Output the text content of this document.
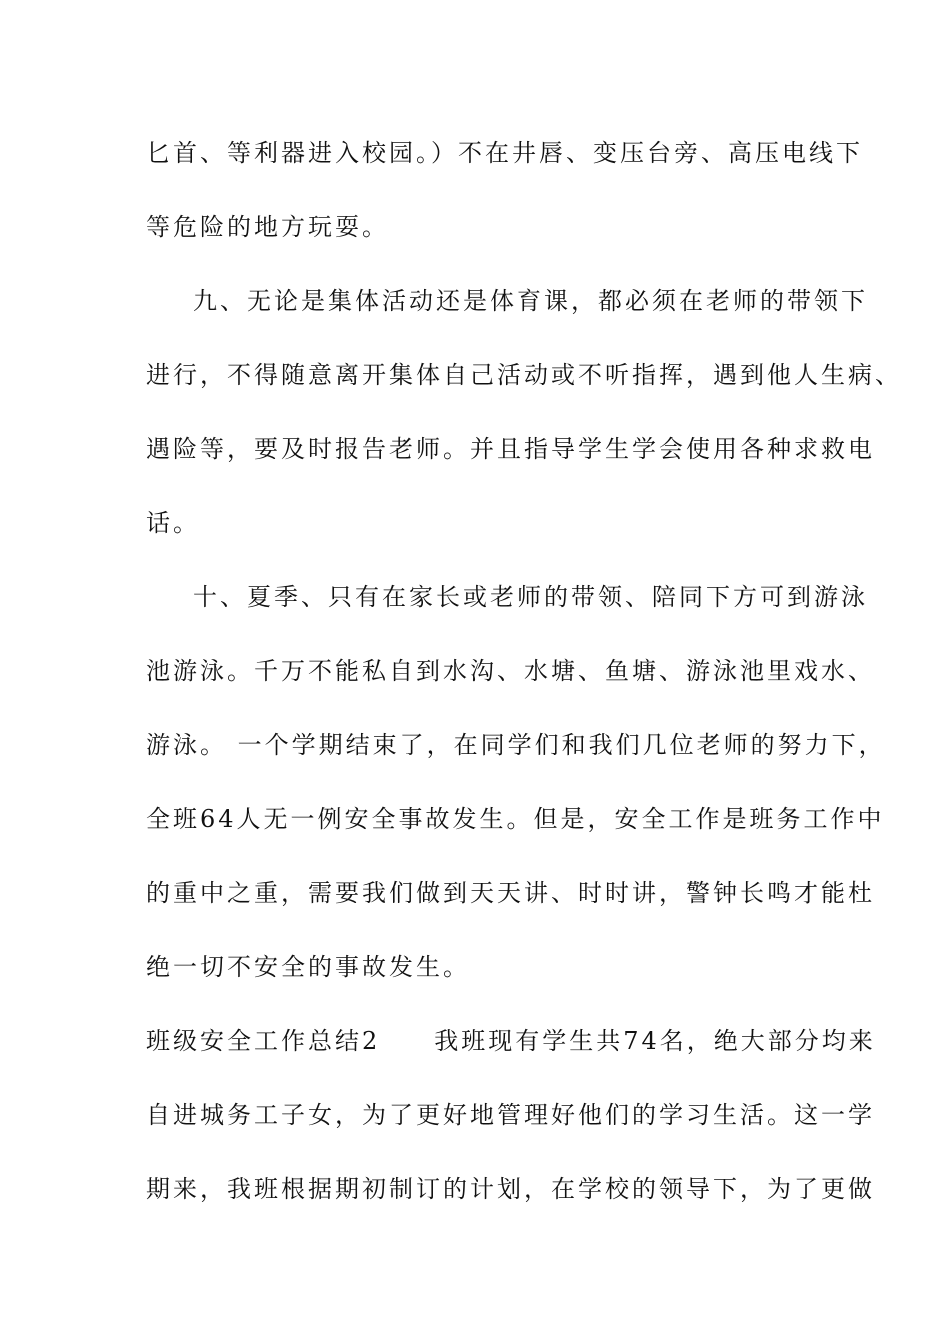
匕首、等利器进入校园。）不在井唇、变压台旁、高压电线下
等危险的地方玩耍。
九、无论是集体活动还是体育课，都必须在老师的带领下
进行，不得随意离开集体自己活动或不听指挥，遇到他人生病、
遇险等，要及时报告老师。并且指导学生学会使用各种求救电
话。
十、夏季、只有在家长或老师的带领、陪同下方可到游泳
池游泳。千万不能私自到水沟、水塘、鱼塘、游泳池里戏水、
游泳。 一个学期结束了，在同学们和我们几位老师的努力下，
全班64人无一例安全事故发生。但是，安全工作是班务工作中
的重中之重，需要我们做到天天讲、时时讲，警钟长鸣才能杜
绝一切不安全的事故发生。
班级安全工作总结2　　我班现有学生共74名，绝大部分均来
自进城务工子女，为了更好地管理好他们的学习生活。这一学
期来，我班根据期初制订的计划，在学校的领导下，为了更做
